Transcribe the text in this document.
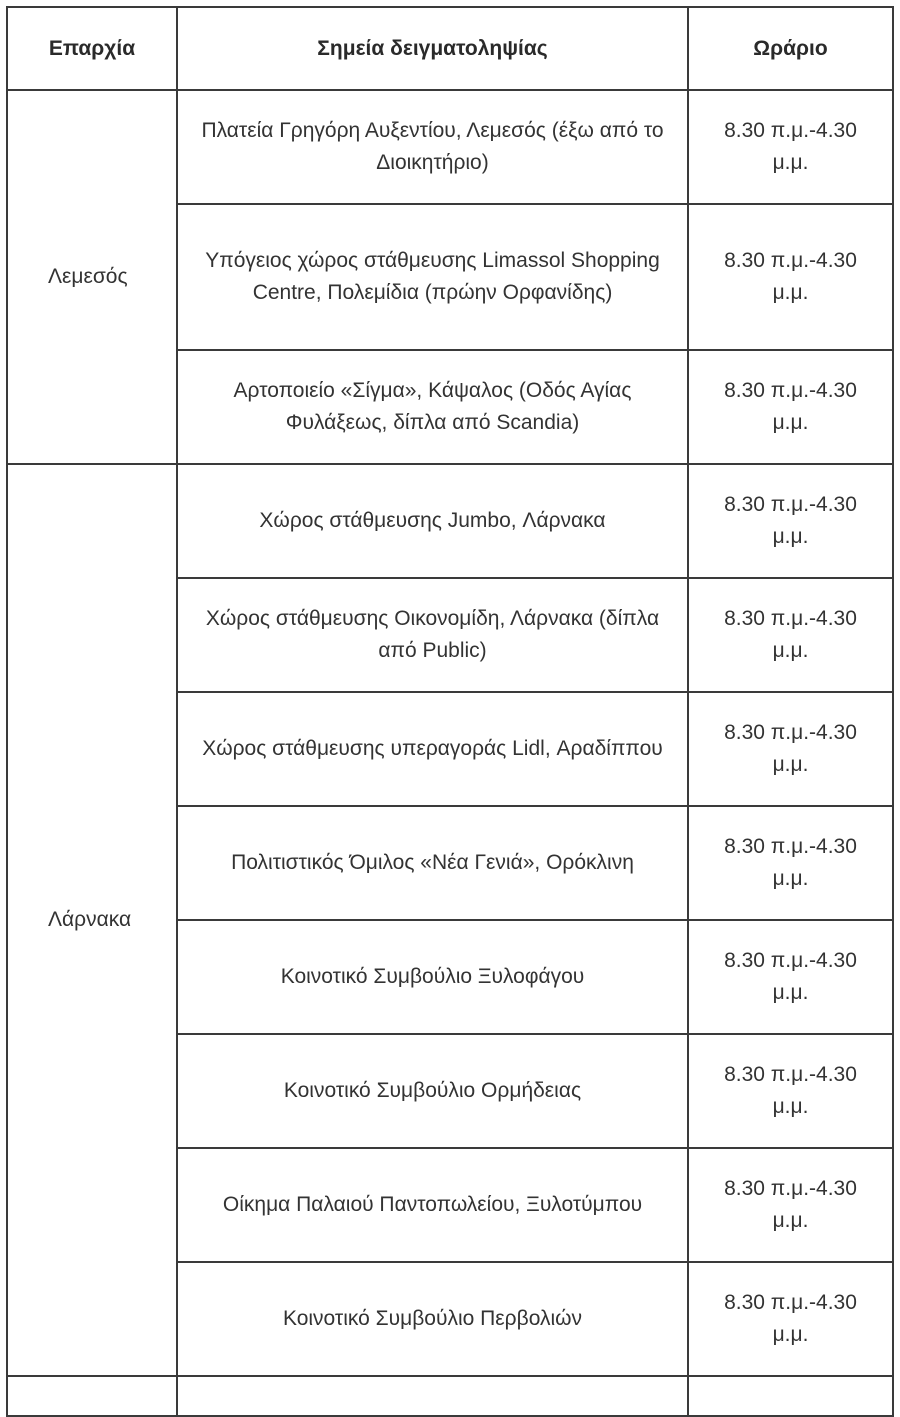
Επαρχία	Σημεία δειγματοληψίας	Ωράριο
Λεμεσός	Πλατεία Γρηγόρη Αυξεντίου, Λεμεσός (έξω από το Διοικητήριο)	8.30 π.μ.-4.30 μ.μ.
	Υπόγειος χώρος στάθμευσης Limassol Shopping Centre, Πολεμίδια (πρώην Ορφανίδης)	8.30 π.μ.-4.30 μ.μ.
	Αρτοποιείο «Σίγμα», Κάψαλος (Οδός Αγίας Φυλάξεως, δίπλα από Scandia)	8.30 π.μ.-4.30 μ.μ.
Λάρνακα	Χώρος στάθμευσης Jumbo, Λάρνακα	8.30 π.μ.-4.30 μ.μ.
	Χώρος στάθμευσης Οικονομίδη, Λάρνακα (δίπλα από Public)	8.30 π.μ.-4.30 μ.μ.
	Χώρος στάθμευσης υπεραγοράς Lidl, Αραδίππου	8.30 π.μ.-4.30 μ.μ.
	Πολιτιστικός Όμιλος «Νέα Γενιά», Ορόκλινη	8.30 π.μ.-4.30 μ.μ.
	Κοινοτικό Συμβούλιο Ξυλοφάγου	8.30 π.μ.-4.30 μ.μ.
	Κοινοτικό Συμβούλιο Ορμήδειας	8.30 π.μ.-4.30 μ.μ.
	Οίκημα Παλαιού Παντοπωλείου, Ξυλοτύμπου	8.30 π.μ.-4.30 μ.μ.
	Κοινοτικό Συμβούλιο Περβολιών	8.30 π.μ.-4.30 μ.μ.
